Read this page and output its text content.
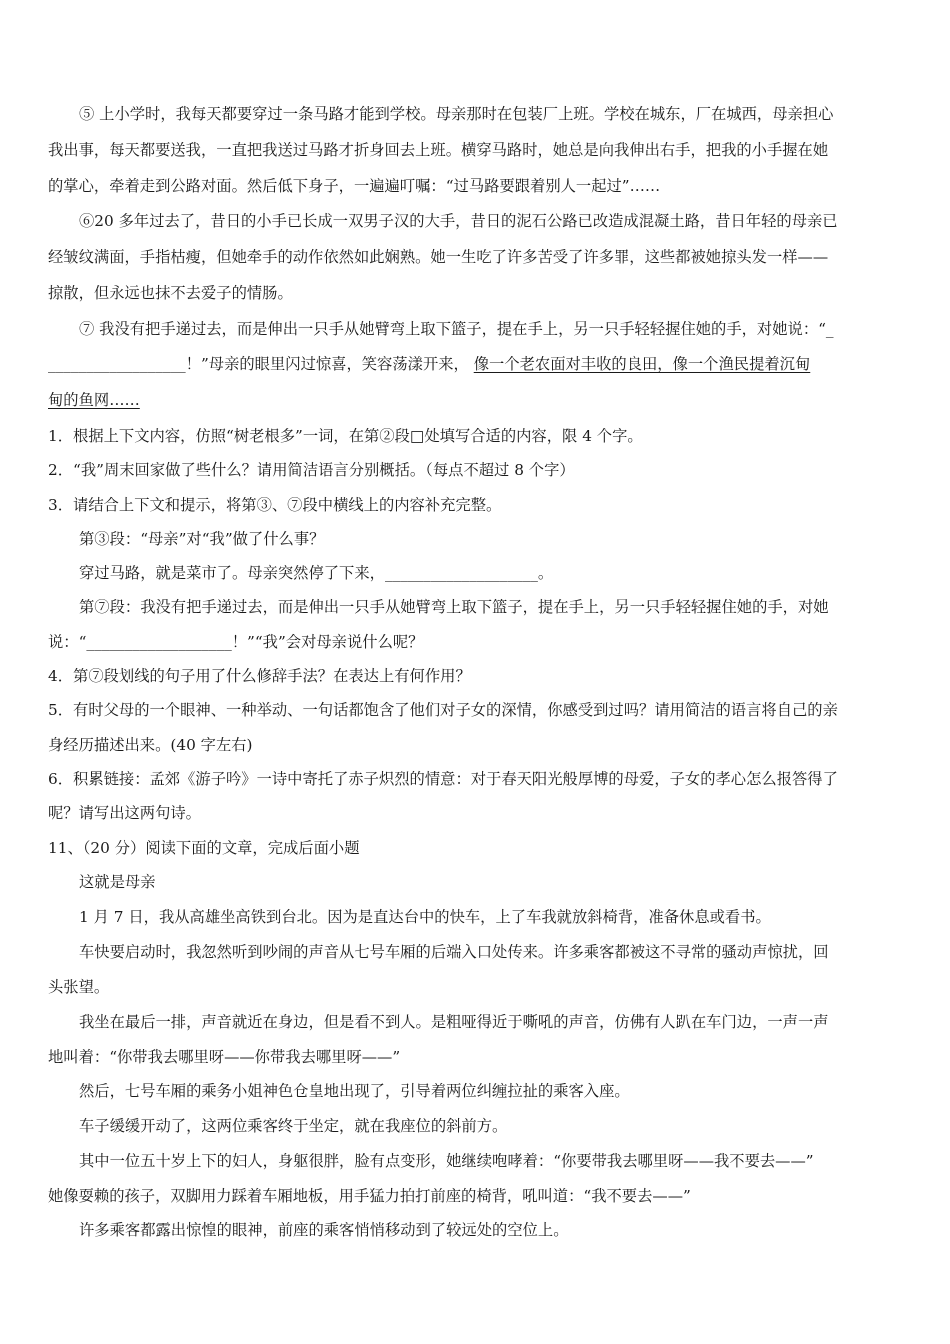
⑤ 上小学时，我每天都要穿过一条马路才能到学校。母亲那时在包装厂上班。学校在城东，厂在城西，母亲担心
我出事，每天都要送我，一直把我送过马路才折身回去上班。横穿马路时，她总是向我伸出右手，把我的小手握在她
的掌心，牵着走到公路对面。然后低下身子，一遍遍叮嘱：“过马路要跟着别人一起过”……
⑥20 多年过去了，昔日的小手已长成一双男子汉的大手，昔日的泥石公路已改造成混凝土路，昔日年轻的母亲已
经皱纹满面，手指枯瘦，但她牵手的动作依然如此娴熟。她一生吃了许多苦受了许多罪，这些都被她掠头发一样——
掠散，但永远也抹不去爱子的情肠。
⑦ 我没有把手递过去，而是伸出一只手从她臂弯上取下篮子，提在手上，另一只手轻轻握住她的手，对她说：“_
__________________！”母亲的眼里闪过惊喜，笑容荡漾开来， 像一个老农面对丰收的良田，像一个渔民提着沉甸
甸的鱼网……
1．根据上下文内容，仿照“树老根多”一词，在第②段□处填写合适的内容，限 4 个字。
2．“我”周末回家做了些什么？请用简洁语言分别概括。（每点不超过 8 个字）
3．请结合上下文和提示，将第③、⑦段中横线上的内容补充完整。
第③段：“母亲”对“我”做了什么事？
穿过马路，就是菜市了。母亲突然停了下来，____________________。
第⑦段：我没有把手递过去，而是伸出一只手从她臂弯上取下篮子，提在手上，另一只手轻轻握住她的手，对她
说：“___________________！”“我”会对母亲说什么呢？
4．第⑦段划线的句子用了什么修辞手法？在表达上有何作用？
5．有时父母的一个眼神、一种举动、一句话都饱含了他们对子女的深情，你感受到过吗？请用简洁的语言将自己的亲
身经历描述出来。(40 字左右)
6．积累链接：孟郊《游子吟》一诗中寄托了赤子炽烈的情意：对于春天阳光般厚博的母爱，子女的孝心怎么报答得了
呢？请写出这两句诗。
11、（20 分）阅读下面的文章，完成后面小题
这就是母亲
1 月 7 日，我从高雄坐高铁到台北。因为是直达台中的快车，上了车我就放斜椅背，准备休息或看书。
车快要启动时，我忽然听到吵闹的声音从七号车厢的后端入口处传来。许多乘客都被这不寻常的骚动声惊扰，回
头张望。
我坐在最后一排，声音就近在身边，但是看不到人。是粗哑得近于嘶吼的声音，仿佛有人趴在车门边，一声一声
地叫着：“你带我去哪里呀——你带我去哪里呀——”
然后，七号车厢的乘务小姐神色仓皇地出现了，引导着两位纠缠拉扯的乘客入座。
车子缓缓开动了，这两位乘客终于坐定，就在我座位的斜前方。
其中一位五十岁上下的妇人，身躯很胖，脸有点变形，她继续咆哮着：“你要带我去哪里呀——我不要去——”
她像耍赖的孩子，双脚用力踩着车厢地板，用手猛力拍打前座的椅背，吼叫道：“我不要去——”
许多乘客都露出惊惶的眼神，前座的乘客悄悄移动到了较远处的空位上。
